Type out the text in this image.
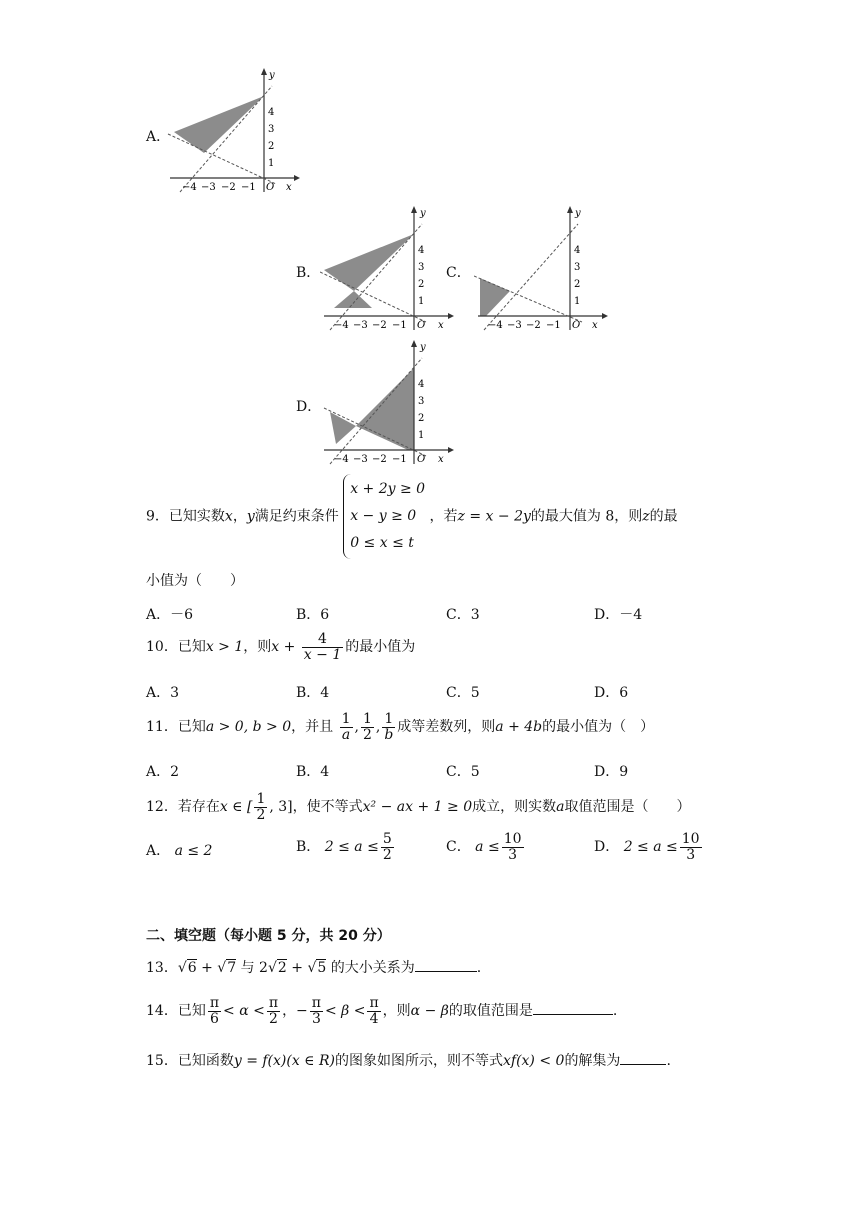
A．
−4 −3 −2 −1 O x
1
2
3
4
y
B．
−4 −3 −2 −1 O x
1
2
3
4
y
C．
−4 −3 −2 −1 O x
1
2
3
4
y
D．
−4 −3 −2 −1 O x
1
2
3
4
y
9．已知实数x，y满足约束条件
x + 2y ≥ 0
x − y ≥ 0
0 ≤ x ≤ t
，若z = x − 2y的最大值为 8，则z的最
小值为（　　）
A．－6	B．6	C．3	D．－4
10．已知x > 1，则$x + \frac{4}{x - 1}$ 的最小值为
A．3	B．4	C．5	D．6
11．已知a > 0, b > 0，并且 $\frac{1}{a}$ , $\frac{1}{2}$ , $\frac{1}{b}$ 成等差数列，则a + 4b的最小值为（　）
A．2	B．4	C．5	D．9
12．若存在x ∈ [ $\frac{1}{2}$ , 3]，使不等式x² − ax + 1 ≥ 0成立，则实数a取值范围是（　　）
A． a ≤ 2	B． $2 \le a \le \frac{5}{2}$	C． $a \le \frac{10}{3}$	D． $2 \le a \le \frac{10}{3}$
二、填空题（每小题 5 分，共 20 分）
13．√6 + √7 与 2√2 + √5 的大小关系为	.
14．已知 $\frac{\pi}{6} < \alpha < \frac{\pi}{2}$ ，− $\frac{\pi}{3} < \beta < \frac{\pi}{4}$ ，则α − β的取值范围是	.
15．已知函数y = f(x)(x ∈ R)的图象如图所示，则不等式xf(x) < 0的解集为	.
